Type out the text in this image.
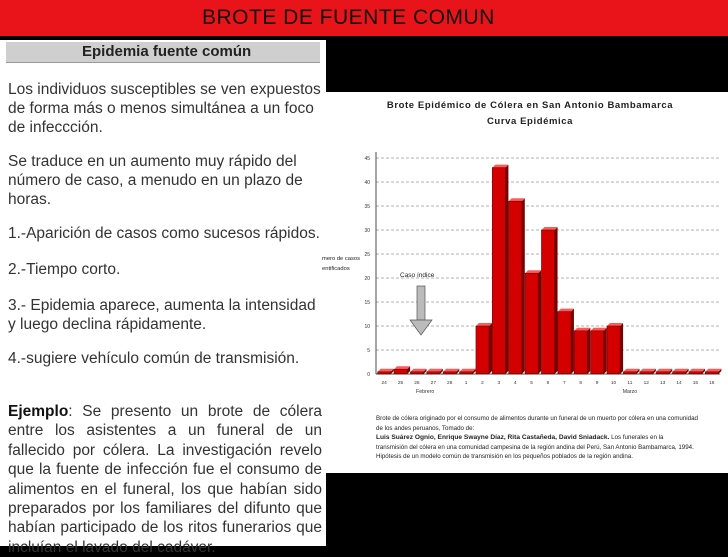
BROTE DE FUENTE COMUN
Epidemia fuente común
Los individuos susceptibles se ven expuestos de forma más o menos simultánea a un foco de infeccción.
Se traduce en un aumento muy rápido del número de caso, a menudo en un plazo de horas.
1.-Aparición de casos como sucesos rápidos.
2.-Tiempo corto.
3.- Epidemia aparece, aumenta la intensidad y luego declina rápidamente.
4.-sugiere vehículo común de transmisión.
Ejemplo: Se presento un brote de cólera entre los asistentes a un funeral de un fallecido por cólera. La investigación revelo que la fuente de infección fue el consumo de alimentos en el funeral, los que habían sido preparados por los familiares del difunto que habían participado de los ritos funerarios que incluían el lavado del cadáver.
Brote Epidémico de Cólera en San Antonio Bambamarca
Curva Epidémica
mero de casos
entificados
0
5
10
15
20
25
30
35
40
45
24 25 26 27 28	1	2	3	4	5	6	7	8	9	10 11 12 13 14 15 16
Febrero	Marzo
Caso índice
Brote de cólera originado por el consumo de alimentos durante un funeral de un muerto por cólera en una comunidad
de los andes peruanos, Tomado de:
Luis Suárez Ognio, Enrique Swayne Díaz, Rita Castañeda, David Sniadack. Los funerales en la
transmisión del cólera en una comunidad campesina de la región andina del Perú, San Antonio Bambamarca, 1994.
Hipótesis de un modelo común de transmisión en los pequeños poblados de la región andina.
